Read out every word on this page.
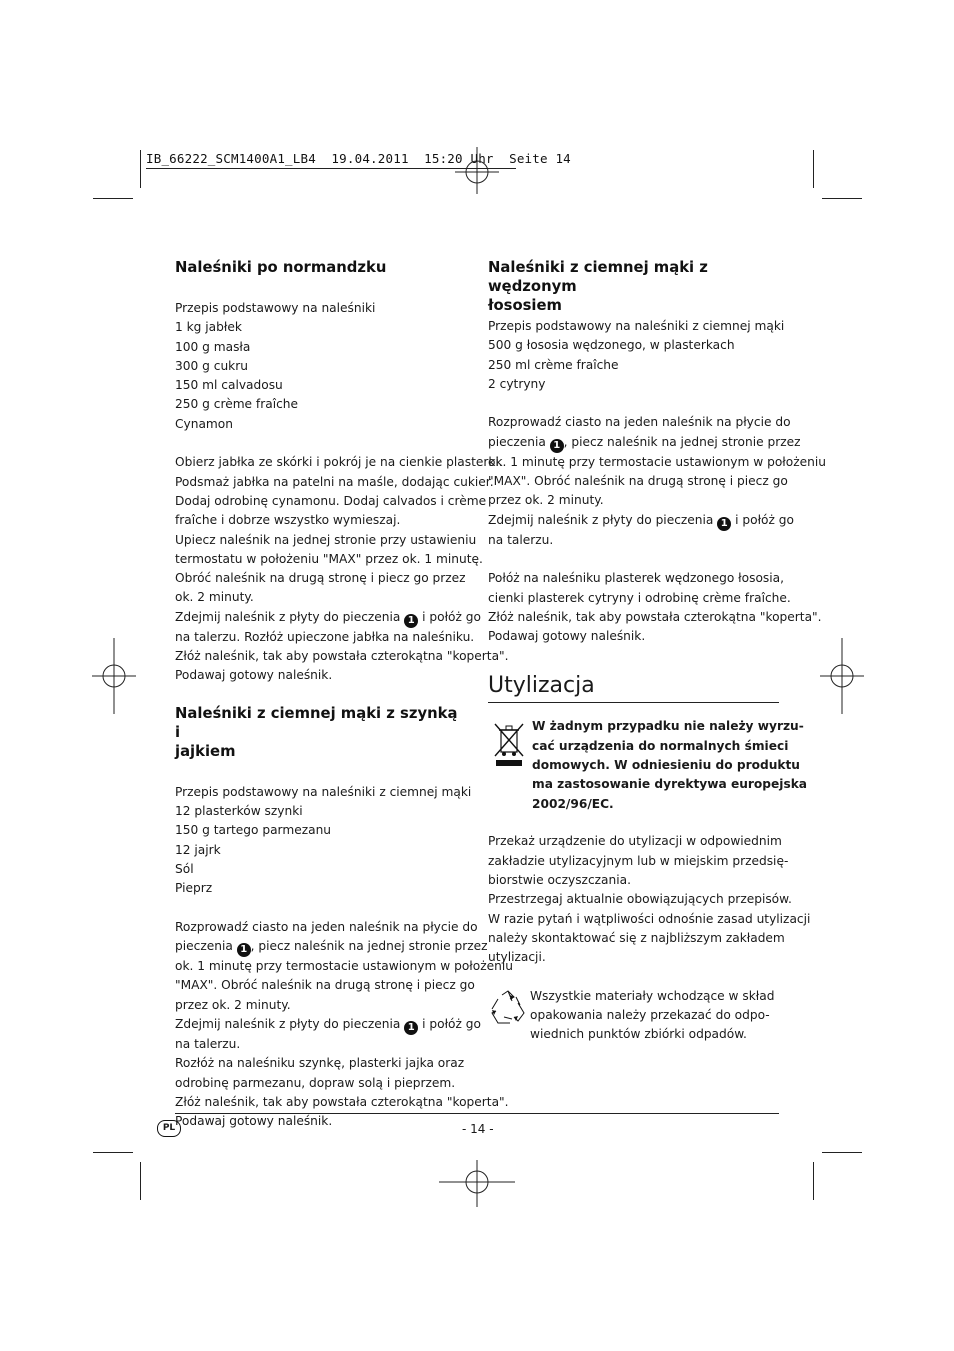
IB_66222_SCM1400A1_LB4  19.04.2011  15:20 Uhr  Seite 14
Naleśniki po normandzku
Przepis podstawowy na naleśniki
1 kg jabłek
100 g masła
300 g cukru
150 ml calvadosu
250 g crème fraîche
Cynamon
Obierz jabłka ze skórki i pokrój je na cienkie plasterki.
Podsmaż jabłka na patelni na maśle, dodając cukier.
Dodaj odrobinę cynamonu. Dodaj calvados i crème
fraîche i dobrze wszystko wymieszaj.
Upiecz naleśnik na jednej stronie przy ustawieniu
termostatu w położeniu "MAX" przez ok. 1 minutę.
Obróć naleśnik na drugą stronę i piecz go przez
ok. 2 minuty.
Zdejmij naleśnik z płyty do pieczenia 1 i połóż go
na talerzu. Rozłóż upieczone jabłka na naleśniku.
Złóż naleśnik, tak aby powstała czterokątna "koperta".
Podawaj gotowy naleśnik.
Naleśniki z ciemnej mąki z szynką i
jajkiem
Przepis podstawowy na naleśniki z ciemnej mąki
12 plasterków szynki
150 g tartego parmezanu
12 jajrk
Sól
Pieprz
Rozprowadź ciasto na jeden naleśnik na płycie do
pieczenia 1 , piecz naleśnik na jednej stronie przez
ok. 1 minutę przy termostacie ustawionym w położeniu
"MAX". Obróć naleśnik na drugą stronę i piecz go
przez ok. 2 minuty.
Zdejmij naleśnik z płyty do pieczenia 1 i połóż go
na talerzu.
Rozłóż na naleśniku szynkę, plasterki jajka oraz
odrobinę parmezanu, dopraw solą i pieprzem.
Złóż naleśnik, tak aby powstała czterokątna "koperta".
Podawaj gotowy naleśnik.
Naleśniki z ciemnej mąki z wędzonym
łososiem
Przepis podstawowy na naleśniki z ciemnej mąki
500 g łososia wędzonego, w plasterkach
250 ml crème fraîche
2 cytryny
Rozprowadź ciasto na jeden naleśnik na płycie do
pieczenia 1 , piecz naleśnik na jednej stronie przez
ok. 1 minutę przy termostacie ustawionym w położeniu
"MAX". Obróć naleśnik na drugą stronę i piecz go
przez ok. 2 minuty.
Zdejmij naleśnik z płyty do pieczenia 1 i połóż go
na talerzu.
Połóż na naleśniku plasterek wędzonego łososia,
cienki plasterek cytryny i odrobinę crème fraîche.
Złóż naleśnik, tak aby powstała czterokątna "koperta".
Podawaj gotowy naleśnik.
Utylizacja
W żadnym przypadku nie należy wyrzu-
cać urządzenia do normalnych śmieci
domowych. W odniesieniu do produktu
ma zastosowanie dyrektywa europejska
2002/96/EC.
Przekaż urządzenie do utylizacji w odpowiednim
zakładzie utylizacyjnym lub w miejskim przedsię-
biorstwie oczyszczania.
Przestrzegaj aktualnie obowiązujących przepisów.
W razie pytań i wątpliwości odnośnie zasad utylizacji
należy skontaktować się z najbliższym zakładem
utylizacji.
Wszystkie materiały wchodzące w skład
opakowania należy przekazać do odpo-
wiednich punktów zbiórki odpadów.
PL	- 14 -
